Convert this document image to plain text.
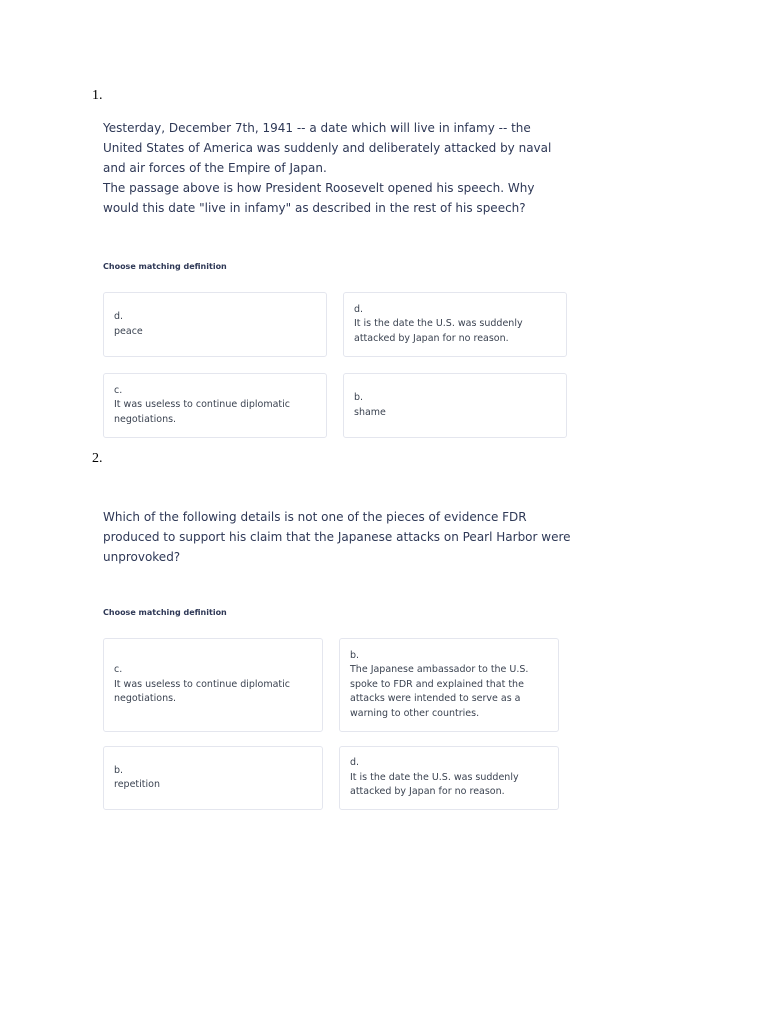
1.

Yesterday, December 7th, 1941 -- a date which will live in infamy -- the United States of America was suddenly and deliberately attacked by naval and air forces of the Empire of Japan.

The passage above is how President Roosevelt opened his speech. Why would this date "live in infamy" as described in the rest of his speech?

Choose matching definition
d.
peace
d.
It is the date the U.S. was suddenly attacked by Japan for no reason.
c.
It was useless to continue diplomatic negotiations.
b.
shame
2.

Which of the following details is not one of the pieces of evidence FDR produced to support his claim that the Japanese attacks on Pearl Harbor were unprovoked?

Choose matching definition
c.
It was useless to continue diplomatic negotiations.
b.
The Japanese ambassador to the U.S. spoke to FDR and explained that the attacks were intended to serve as a warning to other countries.
b.
repetition
d.
It is the date the U.S. was suddenly attacked by Japan for no reason.
